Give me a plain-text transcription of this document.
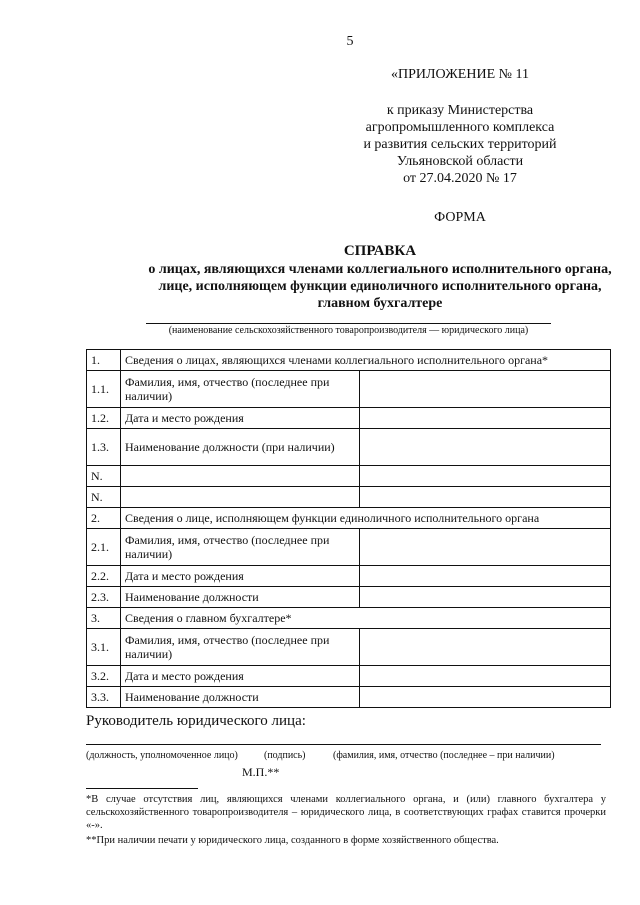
5
«ПРИЛОЖЕНИЕ № 11
к приказу Министерства
агропромышленного комплекса
и развития сельских территорий
Ульяновской области
от 27.04.2020 № 17
ФОРМА
СПРАВКА
о лицах, являющихся членами коллегиального исполнительного органа,
лице, исполняющем функции единоличного исполнительного органа,
главном бухгалтере
(наименование сельскохозяйственного товаропроизводителя — юридического лица)
1.	Сведения о лицах, являющихся членами коллегиального исполнительного органа*	
1.1.	Фамилия, имя, отчество (последнее при наличии)	
1.2.	Дата и место рождения	
1.3.	Наименование должности (при наличии)	
N.		
N.		
2.	Сведения о лице, исполняющем функции единоличного исполнительного органа	
2.1.	Фамилия, имя, отчество (последнее при наличии)	
2.2.	Дата и место рождения	
2.3.	Наименование должности	
3.	Сведения о главном бухгалтере*	
3.1.	Фамилия, имя, отчество (последнее при наличии)	
3.2.	Дата и место рождения	
3.3.	Наименование должности	
Руководитель юридического лица:
(должность, уполномоченное лицо)	(подпись)	(фамилия, имя, отчество (последнее – при наличии)
М.П.**
*В случае отсутствия лиц, являющихся членами коллегиального органа, и (или) главного бухгалтера у сельскохозяйственного товаропроизводителя – юридического лица, в соответствующих графах ставится прочерки «-».
**При наличии печати у юридического лица, созданного в форме хозяйственного общества.
